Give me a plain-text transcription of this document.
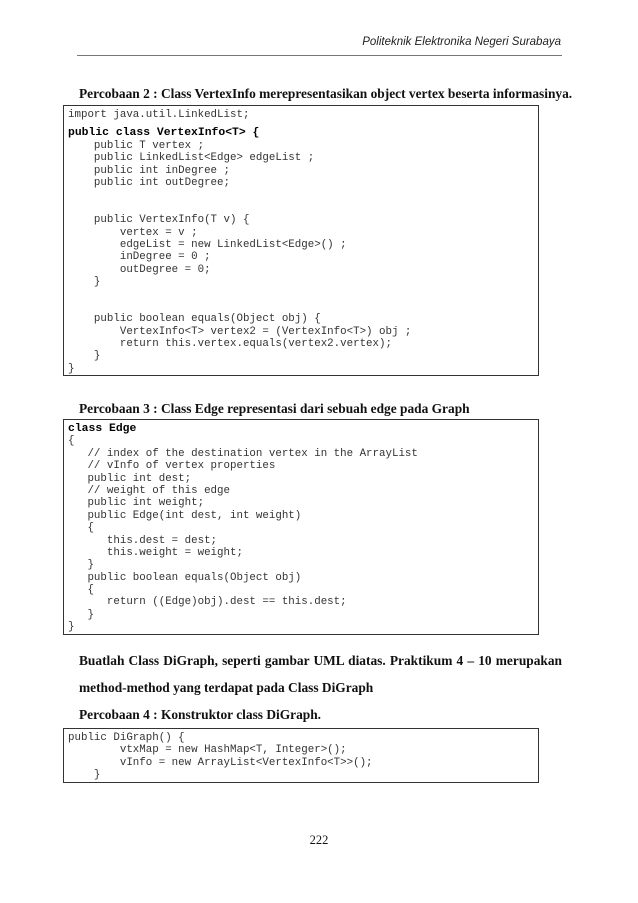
Politeknik Elektronika Negeri Surabaya
Percobaan 2 : Class VertexInfo merepresentasikan object vertex beserta informasinya.
import java.util.LinkedList;
public class VertexInfo<T> {
public T vertex ;
public LinkedList<Edge> edgeList ;
public int inDegree ;
public int outDegree;
public VertexInfo(T v) {
vertex = v ;
edgeList = new LinkedList<Edge>() ;
inDegree = 0 ;
outDegree = 0;
}
public boolean equals(Object obj) {
VertexInfo<T> vertex2 = (VertexInfo<T>) obj ;
return this.vertex.equals(vertex2.vertex);
}
}
Percobaan 3 : Class Edge representasi dari sebuah edge pada Graph
class Edge
{
// index of the destination vertex in the ArrayList
// vInfo of vertex properties
public int dest;
// weight of this edge
public int weight;
public Edge(int dest, int weight)
{
this.dest = dest;
this.weight = weight;
}
public boolean equals(Object obj)
{
return ((Edge)obj).dest == this.dest;
}
}
Buatlah Class DiGraph, seperti gambar UML diatas. Praktikum 4 – 10 merupakan
method-method yang terdapat pada Class DiGraph
Percobaan 4 : Konstruktor class DiGraph.
public DiGraph() {
vtxMap = new HashMap<T, Integer>();
vInfo = new ArrayList<VertexInfo<T>>();
}
222
